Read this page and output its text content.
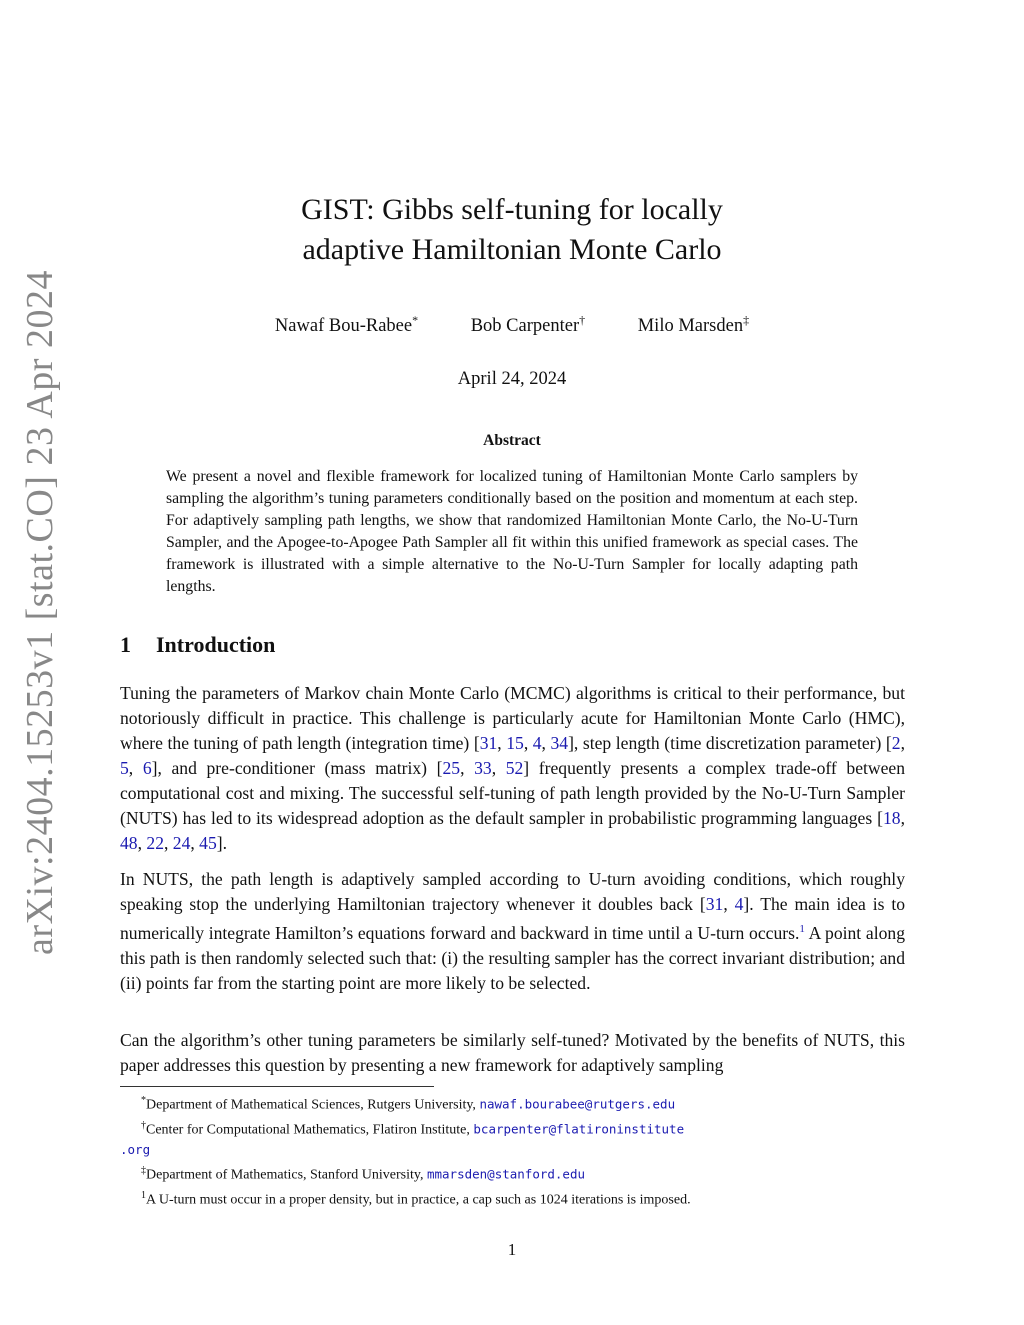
arXiv:2404.15253v1 [stat.CO] 23 Apr 2024
GIST: Gibbs self-tuning for locally
adaptive Hamiltonian Monte Carlo
Nawaf Bou-Rabee*	Bob Carpenter†	Milo Marsden‡
April 24, 2024
Abstract
We present a novel and flexible framework for localized tuning of Hamiltonian Monte Carlo samplers by sampling the algorithm’s tuning parameters conditionally based on the position and momentum at each step. For adaptively sampling path lengths, we show that randomized Hamiltonian Monte Carlo, the No-U-Turn Sampler, and the Apogee-to-Apogee Path Sampler all fit within this unified framework as special cases. The framework is illustrated with a simple alternative to the No-U-Turn Sampler for locally adapting path lengths.
1 Introduction

Tuning the parameters of Markov chain Monte Carlo (MCMC) algorithms is critical to their performance, but notoriously difficult in practice. This challenge is particularly acute for Hamiltonian Monte Carlo (HMC), where the tuning of path length (integration time) [31, 15, 4, 34], step length (time discretization parameter) [2, 5, 6], and pre-conditioner (mass matrix) [25, 33, 52] frequently presents a complex trade-off between computational cost and mixing. The successful self-tuning of path length provided by the No-U-Turn Sampler (NUTS) has led to its widespread adoption as the default sampler in probabilistic programming languages [18, 48, 22, 24, 45].

In NUTS, the path length is adaptively sampled according to U-turn avoiding conditions, which roughly speaking stop the underlying Hamiltonian trajectory whenever it doubles back [31, 4]. The main idea is to numerically integrate Hamilton’s equations forward and backward in time until a U-turn occurs.$^1$ A point along this path is then randomly selected such that: (i) the resulting sampler has the correct invariant distribution; and (ii) points far from the starting point are more likely to be selected.

Can the algorithm’s other tuning parameters be similarly self-tuned? Motivated by the benefits of NUTS, this paper addresses this question by presenting a new framework for adaptively sampling

*Department of Mathematical Sciences, Rutgers University, nawaf.bourabee@rutgers.edu
†Center for Computational Mathematics, Flatiron Institute, bcarpenter@flatironinstitute
.org
‡Department of Mathematics, Stanford University, mmarsden@stanford.edu
$^1$A U-turn must occur in a proper density, but in practice, a cap such as 1024 iterations is imposed.
1
